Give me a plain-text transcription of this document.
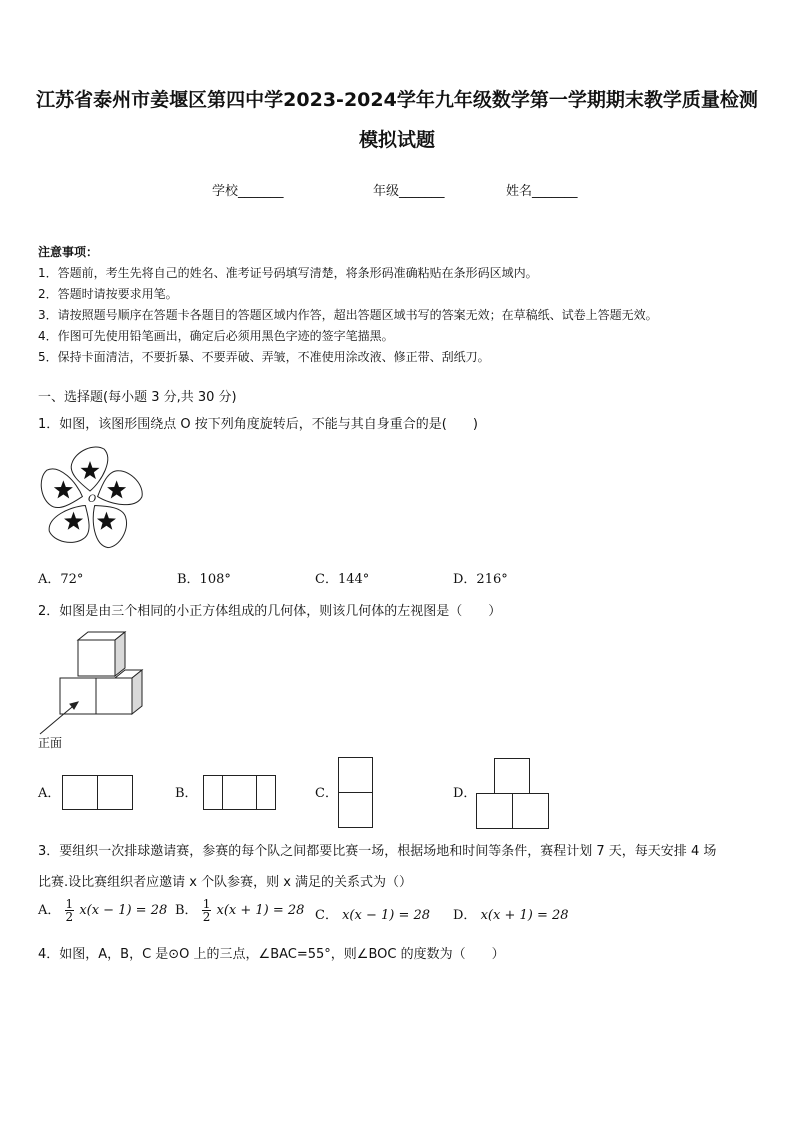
江苏省泰州市姜堰区第四中学2023-2024学年九年级数学第一学期期末教学质量检测
模拟试题
学校_______	年级_______	姓名_______
注意事项：
1．答题前，考生先将自己的姓名、准考证号码填写清楚，将条形码准确粘贴在条形码区域内。
2．答题时请按要求用笔。
3．请按照题号顺序在答题卡各题目的答题区域内作答，超出答题区域书写的答案无效；在草稿纸、试卷上答题无效。
4．作图可先使用铅笔画出，确定后必须用黑色字迹的签字笔描黑。
5．保持卡面清洁，不要折暴、不要弄破、弄皱，不准使用涂改液、修正带、刮纸刀。
一、选择题(每小题 3 分,共 30 分)
1．如图，该图形围绕点 O 按下列角度旋转后，不能与其自身重合的是(　　)
O
A．72°	B．108°	C．144°	D．216°
2．如图是由三个相同的小正方体组成的几何体，则该几何体的左视图是（　　）
正面
A．	B．	C．	D．
3．要组织一次排球邀请赛，参赛的每个队之间都要比赛一场，根据场地和时间等条件，赛程计划 7 天，每天安排 4 场
比赛.设比赛组织者应邀请 x 个队参赛，则 x 满足的关系式为（）
A． $\frac{1}{2} x(x - 1) = 28$ B． $\frac{1}{2} x(x + 1) = 28$ C． x(x − 1) = 28 D． x(x + 1) = 28
4．如图，A，B，C 是⊙O 上的三点，∠BAC=55°，则∠BOC 的度数为（　　）
